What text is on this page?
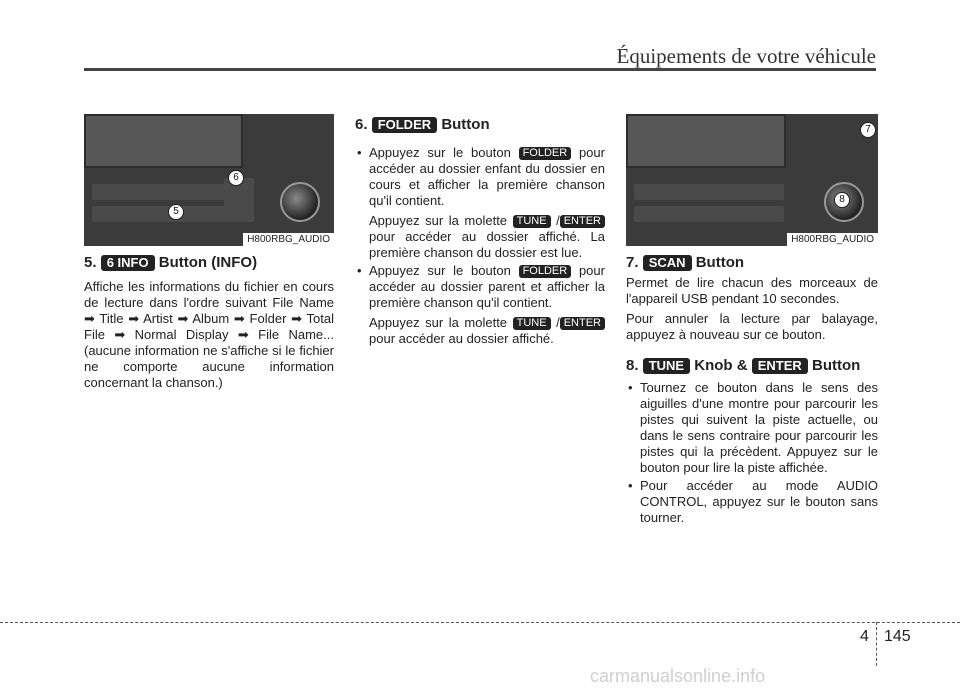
Équipements de votre véhicule
6
5
H800RBG_AUDIO
7
8
H800RBG_AUDIO
5. 6 INFO Button (INFO)
Affiche les informations du fichier en cours de lecture dans l'ordre suivant File Name ➡ Title ➡ Artist ➡ Album ➡ Folder ➡ Total File ➡ Normal Display ➡ File Name... (aucune information ne s'affiche si le fichier ne comporte aucune information concernant la chanson.)
6. FOLDER Button
• Appuyez sur le bouton FOLDER pour accéder au dossier enfant du dossier en cours et afficher la première chanson qu'il contient.
Appuyez sur la molette TUNE / ENTER pour accéder au dossier affiché. La première chanson du dossier est lue.
• Appuyez sur le bouton FOLDER pour accéder au dossier parent et afficher la première chanson qu'il contient.
Appuyez sur la molette TUNE / ENTER pour accéder au dossier affiché.
7. SCAN Button
Permet de lire chacun des morceaux de l'appareil USB pendant 10 secondes.
Pour annuler la lecture par balayage, appuyez à nouveau sur ce bouton.
8. TUNE Knob & ENTER Button
• Tournez ce bouton dans le sens des aiguilles d'une montre pour parcourir les pistes qui suivent la piste actuelle, ou dans le sens contraire pour parcourir les pistes qui la précèdent. Appuyez sur le bouton pour lire la piste affichée.
• Pour accéder au mode AUDIO CONTROL, appuyez sur le bouton sans tourner.
4 145
carmanualsonline.info
